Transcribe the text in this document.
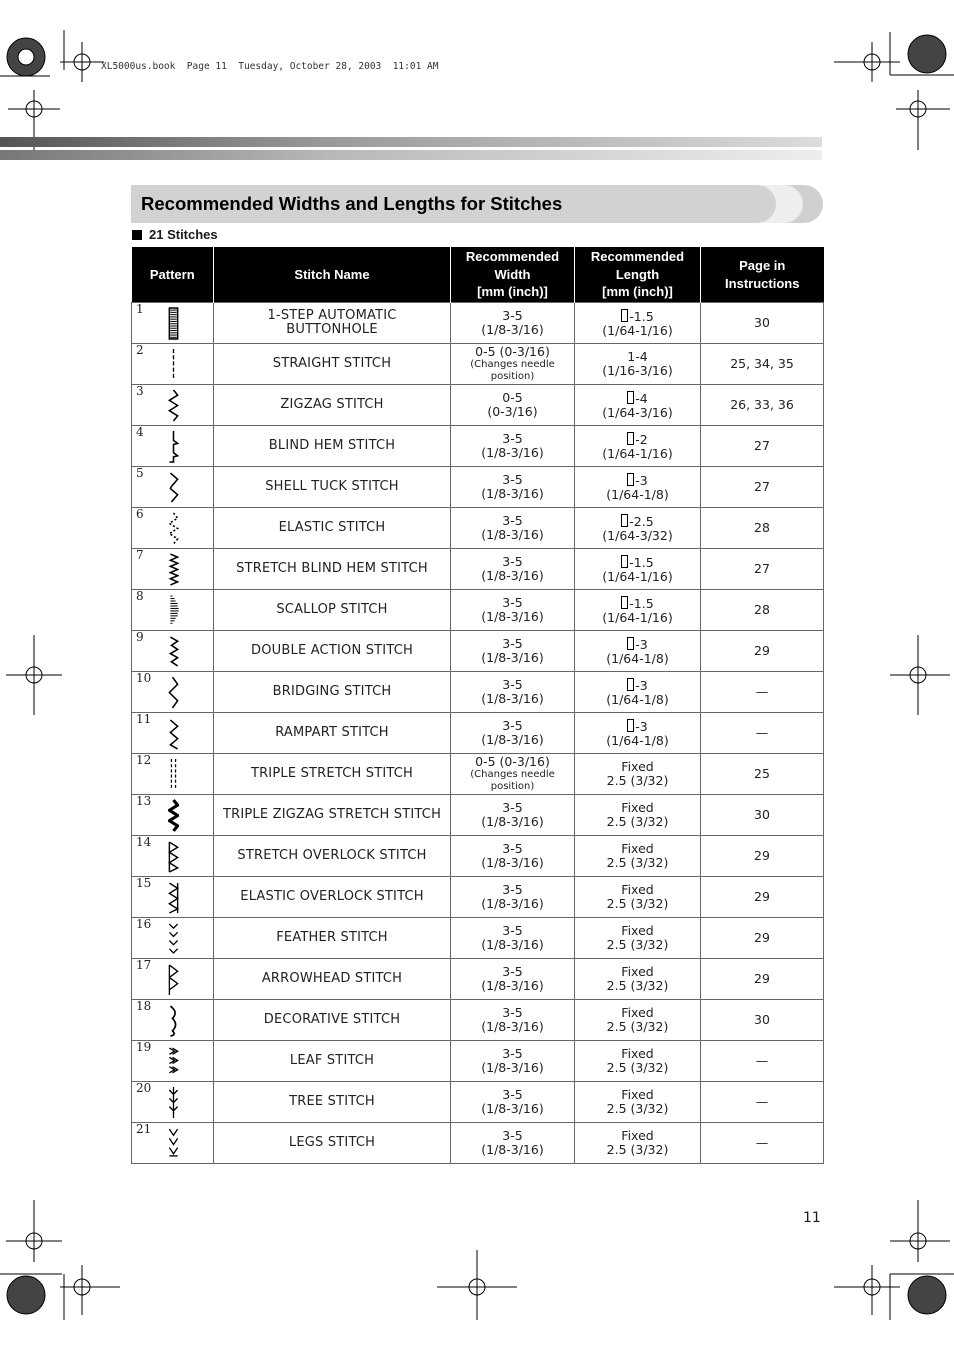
XL5000us.book  Page 11  Tuesday, October 28, 2003  11:01 AM
Recommended Widths and Lengths for Stitches
21 Stitches
Pattern	Stitch Name	Recommended
Width
[mm (inch)]	Recommended
Length
[mm (inch)]	Page in
Instructions

1	1-STEP AUTOMATIC
BUTTONHOLE	3-5
(1/8-3/16)	-1.5
(1/64-1/16)	30

2	STRAIGHT STITCH	0-5 (0-3/16)
(Changes needle position)	1-4
(1/16-3/16)	25, 34, 35

3	ZIGZAG STITCH	0-5
(0-3/16)	-4
(1/64-3/16)	26, 33, 36

4	BLIND HEM STITCH	3-5
(1/8-3/16)	-2
(1/64-1/16)	27

5	SHELL TUCK STITCH	3-5
(1/8-3/16)	-3
(1/64-1/8)	27

6	ELASTIC STITCH	3-5
(1/8-3/16)	-2.5
(1/64-3/32)	28

7	STRETCH BLIND HEM STITCH	3-5
(1/8-3/16)	-1.5
(1/64-1/16)	27

8	SCALLOP STITCH	3-5
(1/8-3/16)	-1.5
(1/64-1/16)	28

9	DOUBLE ACTION STITCH	3-5
(1/8-3/16)	-3
(1/64-1/8)	29

10	BRIDGING STITCH	3-5
(1/8-3/16)	-3
(1/64-1/8)	—

11	RAMPART STITCH	3-5
(1/8-3/16)	-3
(1/64-1/8)	—

12	TRIPLE STRETCH STITCH	0-5 (0-3/16)
(Changes needle position)	Fixed
2.5 (3/32)	25

13	TRIPLE ZIGZAG STRETCH STITCH	3-5
(1/8-3/16)	Fixed
2.5 (3/32)	30

14	STRETCH OVERLOCK STITCH	3-5
(1/8-3/16)	Fixed
2.5 (3/32)	29

15	ELASTIC OVERLOCK STITCH	3-5
(1/8-3/16)	Fixed
2.5 (3/32)	29

16	FEATHER STITCH	3-5
(1/8-3/16)	Fixed
2.5 (3/32)	29

17	ARROWHEAD STITCH	3-5
(1/8-3/16)	Fixed
2.5 (3/32)	29

18	DECORATIVE STITCH	3-5
(1/8-3/16)	Fixed
2.5 (3/32)	30

19	LEAF STITCH	3-5
(1/8-3/16)	Fixed
2.5 (3/32)	—

20	TREE STITCH	3-5
(1/8-3/16)	Fixed
2.5 (3/32)	—

21	LEGS STITCH	3-5
(1/8-3/16)	Fixed
2.5 (3/32)	—
11
